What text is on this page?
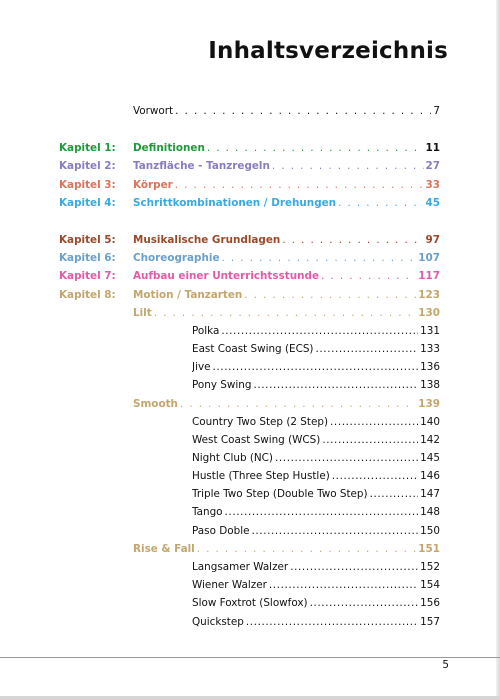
Inhaltsverzeichnis
Vorwort . . .	7
Kapitel 1: Definitionen . . .	11
Kapitel 2: Tanzfläche - Tanzregeln . . .	27
Kapitel 3: Körper . . .	33
Kapitel 4: Schrittkombinationen / Drehungen . . .	45
Kapitel 5: Musikalische Grundlagen . . .	97
Kapitel 6: Choreographie . . .	107
Kapitel 7: Aufbau einer Unterrichtsstunde . . .	117
Kapitel 8: Motion / Tanzarten . . .	123
Lilt . . .	130
Polka .....	131
East Coast Swing (ECS) .....	133
Jive .....	136
Pony Swing .....	138
Smooth . . .	139
Country Two Step (2 Step) .....	140
West Coast Swing (WCS) .....	142
Night Club (NC) .....	145
Hustle (Three Step Hustle) .....	146
Triple Two Step (Double Two Step) .....	147
Tango .....	148
Paso Doble .....	150
Rise & Fall . . .	151
Langsamer Walzer .....	152
Wiener Walzer .....	154
Slow Foxtrot (Slowfox) .....	156
Quickstep .....	157
5
